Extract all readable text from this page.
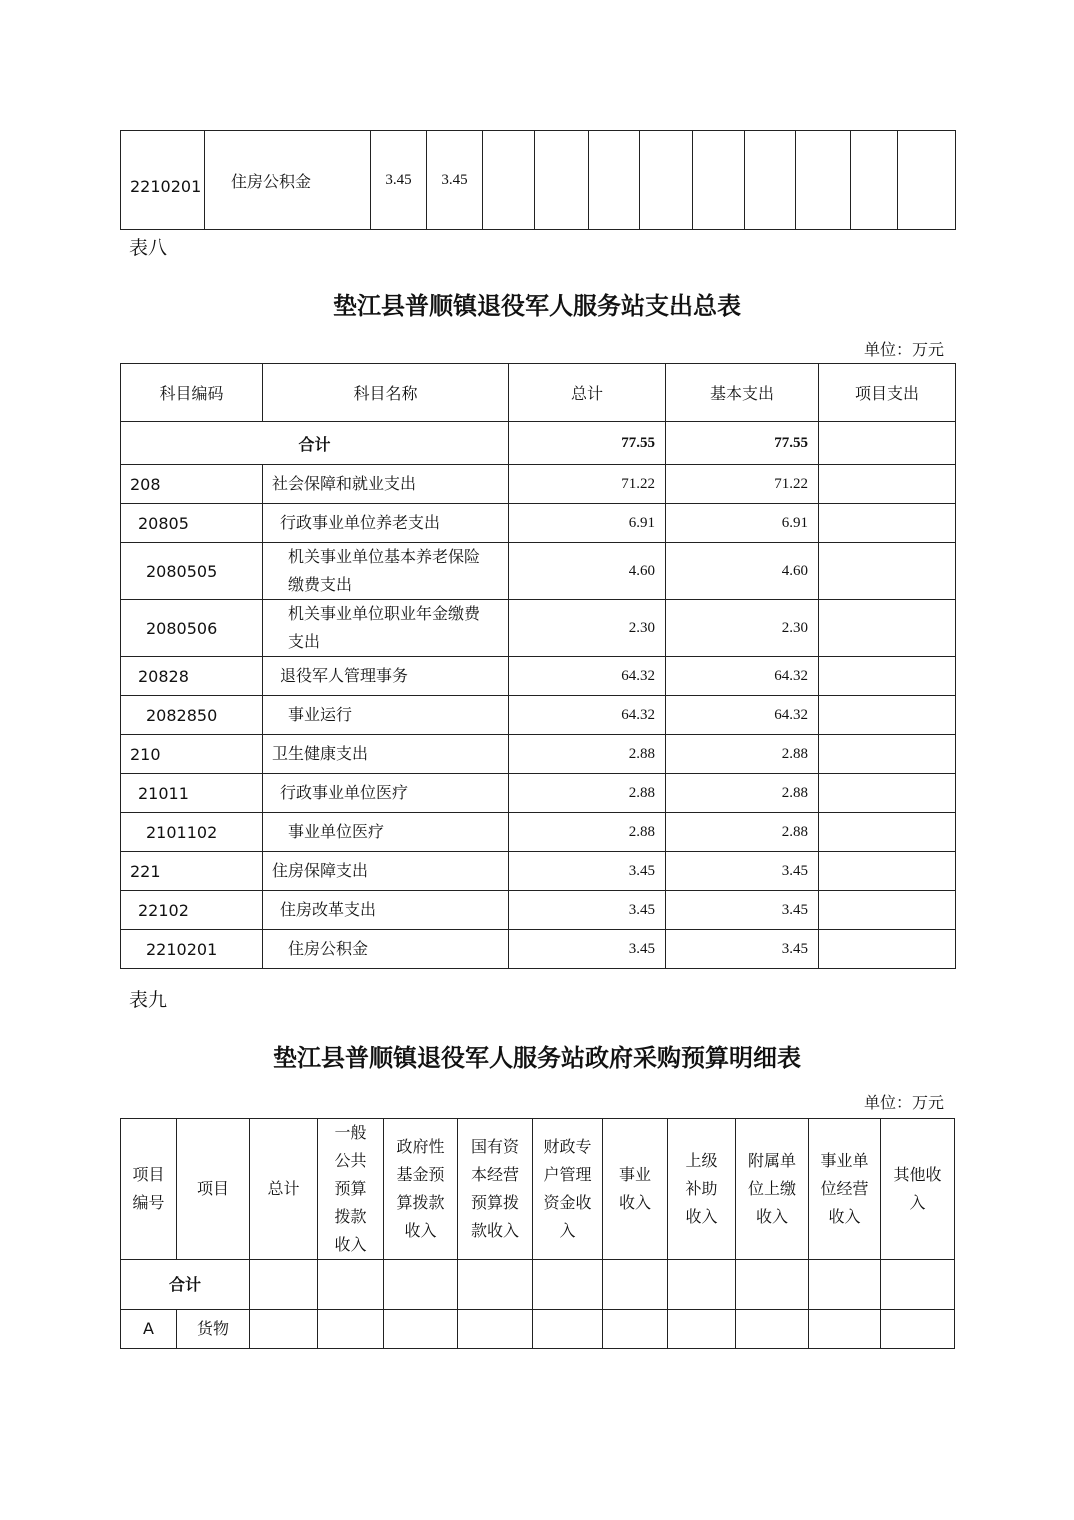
2210201	住房公积金	3.45	3.45									
表八
垫江县普顺镇退役军人服务站支出总表
单位：万元
科目编码	科目名称	总计	基本支出	项目支出
合计		77.55	77.55	
208	社会保障和就业支出	71.22	71.22	
20805	行政事业单位养老支出	6.91	6.91	
2080505	机关事业单位基本养老保险缴费支出	4.60	4.60	
2080506	机关事业单位职业年金缴费支出	2.30	2.30	
20828	退役军人管理事务	64.32	64.32	
2082850	事业运行	64.32	64.32	
210	卫生健康支出	2.88	2.88	
21011	行政事业单位医疗	2.88	2.88	
2101102	事业单位医疗	2.88	2.88	
221	住房保障支出	3.45	3.45	
22102	住房改革支出	3.45	3.45	
2210201	住房公积金	3.45	3.45	
表九
垫江县普顺镇退役军人服务站政府采购预算明细表
单位：万元
项目编号	项目	总计	一般公共预算拨款收入	政府性基金预算拨款收入	国有资本经营预算拨款收入	财政专户管理资金收入	事业收入	上级补助收入	附属单位上缴收入	事业单位经营收入	其他收入
合计											
A	货物										
